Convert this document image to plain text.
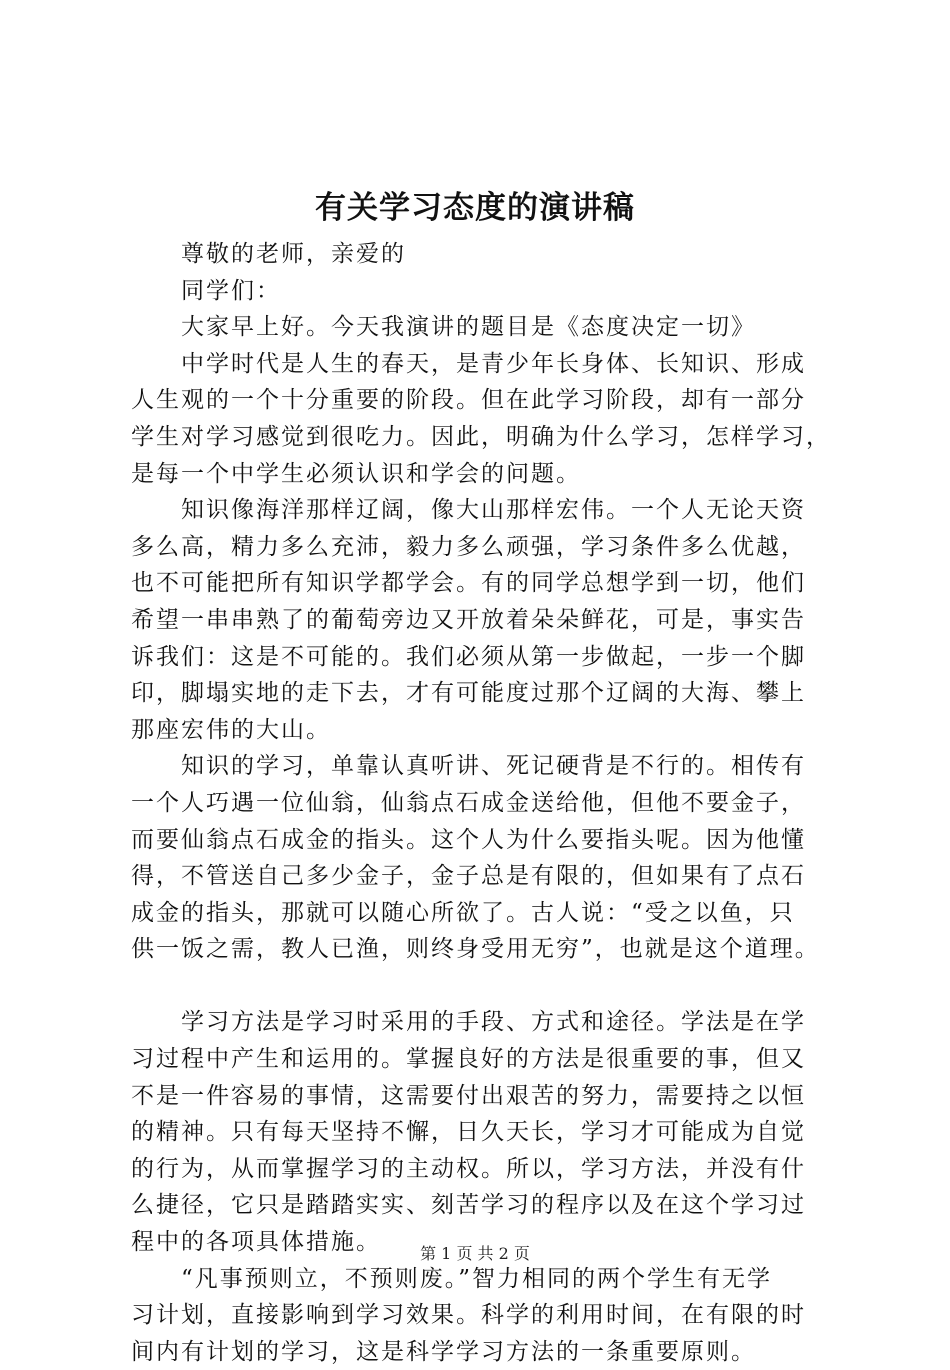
有关学习态度的演讲稿
尊敬的老师，亲爱的
同学们：
大家早上好。今天我演讲的题目是《态度决定一切》
中学时代是人生的春天，是青少年长身体、长知识、形成
人生观的一个十分重要的阶段。但在此学习阶段，却有一部分
学生对学习感觉到很吃力。因此，明确为什么学习，怎样学习，
是每一个中学生必须认识和学会的问题。
知识像海洋那样辽阔，像大山那样宏伟。一个人无论天资
多么高，精力多么充沛，毅力多么顽强，学习条件多么优越，
也不可能把所有知识学都学会。有的同学总想学到一切，他们
希望一串串熟了的葡萄旁边又开放着朵朵鲜花，可是，事实告
诉我们：这是不可能的。我们必须从第一步做起，一步一个脚
印，脚塌实地的走下去，才有可能度过那个辽阔的大海、攀上
那座宏伟的大山。
知识的学习，单靠认真听讲、死记硬背是不行的。相传有
一个人巧遇一位仙翁，仙翁点石成金送给他，但他不要金子，
而要仙翁点石成金的指头。这个人为什么要指头呢。因为他懂
得，不管送自己多少金子，金子总是有限的，但如果有了点石
成金的指头，那就可以随心所欲了。古人说：“受之以鱼，只
供一饭之需，教人已渔，则终身受用无穷”，也就是这个道理。
学习方法是学习时采用的手段、方式和途径。学法是在学
习过程中产生和运用的。掌握良好的方法是很重要的事，但又
不是一件容易的事情，这需要付出艰苦的努力，需要持之以恒
的精神。只有每天坚持不懈，日久天长，学习才可能成为自觉
的行为，从而掌握学习的主动权。所以，学习方法，并没有什
么捷径，它只是踏踏实实、刻苦学习的程序以及在这个学习过
程中的各项具体措施。
“凡事预则立，不预则废。”智力相同的两个学生有无学
习计划，直接影响到学习效果。科学的利用时间，在有限的时
间内有计划的学习，这是科学学习方法的一条重要原则。
第 1 页 共 2 页
